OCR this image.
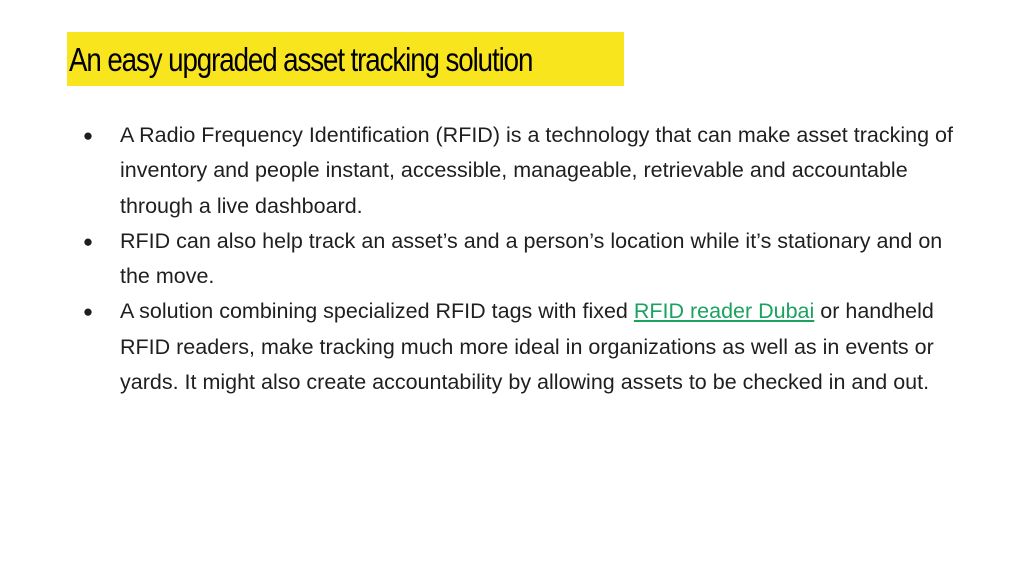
An easy upgraded asset tracking solution
● A Radio Frequency Identification (RFID) is a technology that can make asset tracking of inventory and people instant, accessible, manageable, retrievable and accountable through a live dashboard.
● RFID can also help track an asset’s and a person’s location while it’s stationary and on the move.
● A solution combining specialized RFID tags with fixed RFID reader Dubai or handheld RFID readers, make tracking much more ideal in organizations as well as in events or yards. It might also create accountability by allowing assets to be checked in and out.
